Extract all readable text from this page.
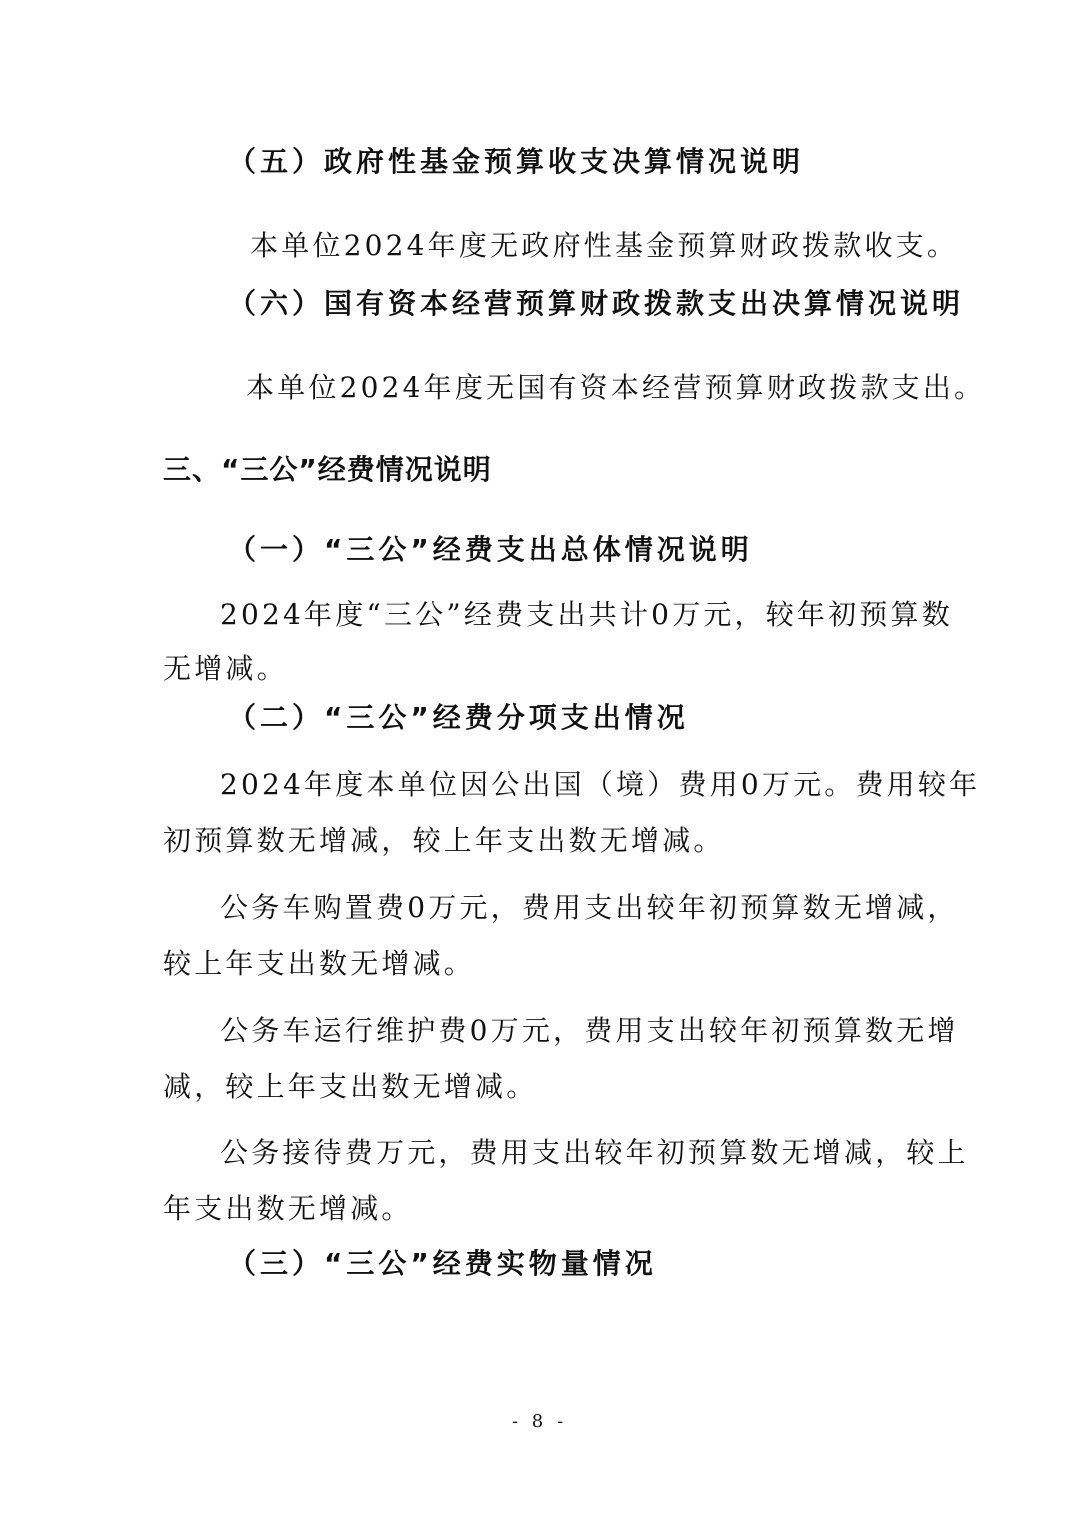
（五）政府性基金预算收支决算情况说明

本单位2024年度无政府性基金预算财政拨款收支。

（六）国有资本经营预算财政拨款支出决算情况说明

本单位2024年度无国有资本经营预算财政拨款支出。

三、“三公”经费情况说明
（一）“三公”经费支出总体情况说明

2024年度“三公”经费支出共计0万元，较年初预算数

无增减。

（二）“三公”经费分项支出情况

2024年度本单位因公出国（境）费用0万元。费用较年

初预算数无增减，较上年支出数无增减。

公务车购置费0万元，费用支出较年初预算数无增减，

较上年支出数无增减。

公务车运行维护费0万元，费用支出较年初预算数无增

减，较上年支出数无增减。

公务接待费万元，费用支出较年初预算数无增减，较上

年支出数无增减。

（三）“三公”经费实物量情况
- 8 -
